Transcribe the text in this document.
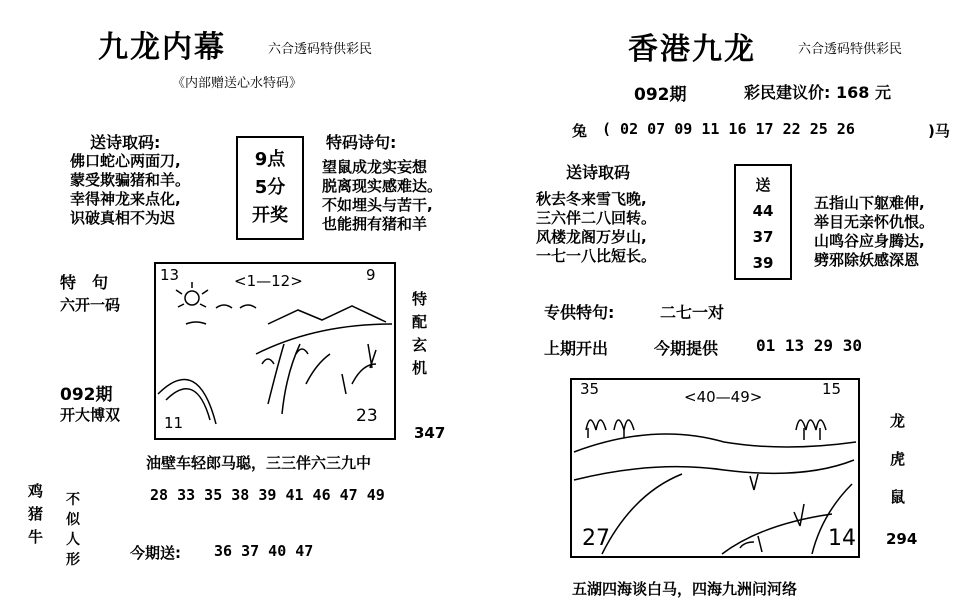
九龙内幕	六合透码特供彩民
《内部赠送心水特码》
送诗取码:
佛口蛇心两面刀,
蒙受欺骗猪和羊。
幸得神龙来点化,
识破真相不为迟
9点
5分
开奖
特码诗句:
望鼠成龙实妄想
脱离现实感难达。
不如埋头与苦干,
也能拥有猪和羊
特　句
六开一码
092期
开大博双
13	<1—12>	9
11	23
特配玄机
347
油壁车轻郎马聪，三三伴六三九中
28 33 35 38 39 41 46 47 49
鸡猪牛
不似人形	今期送: 36 37 40 47
香港九龙	六合透码特供彩民
092期	彩民建议价: 168 元
兔 ( 02 07 09 11 16 17 22 25 26	)马
送诗取码
秋去冬来雪飞晚,
三六伴二八回转。
风楼龙阁万岁山,
一七一八比短长。
送
44
37
39
五指山下躯难伸,
举目无亲怀仇恨。
山鸣谷应身腾达,
劈邪除妖感深恩
专供特句:	二七一对
上期开出	今期提供 01 13 29 30
35	<40—49>	15
27	14
龙
虎
鼠
294
五湖四海谈白马，四海九洲问河络
